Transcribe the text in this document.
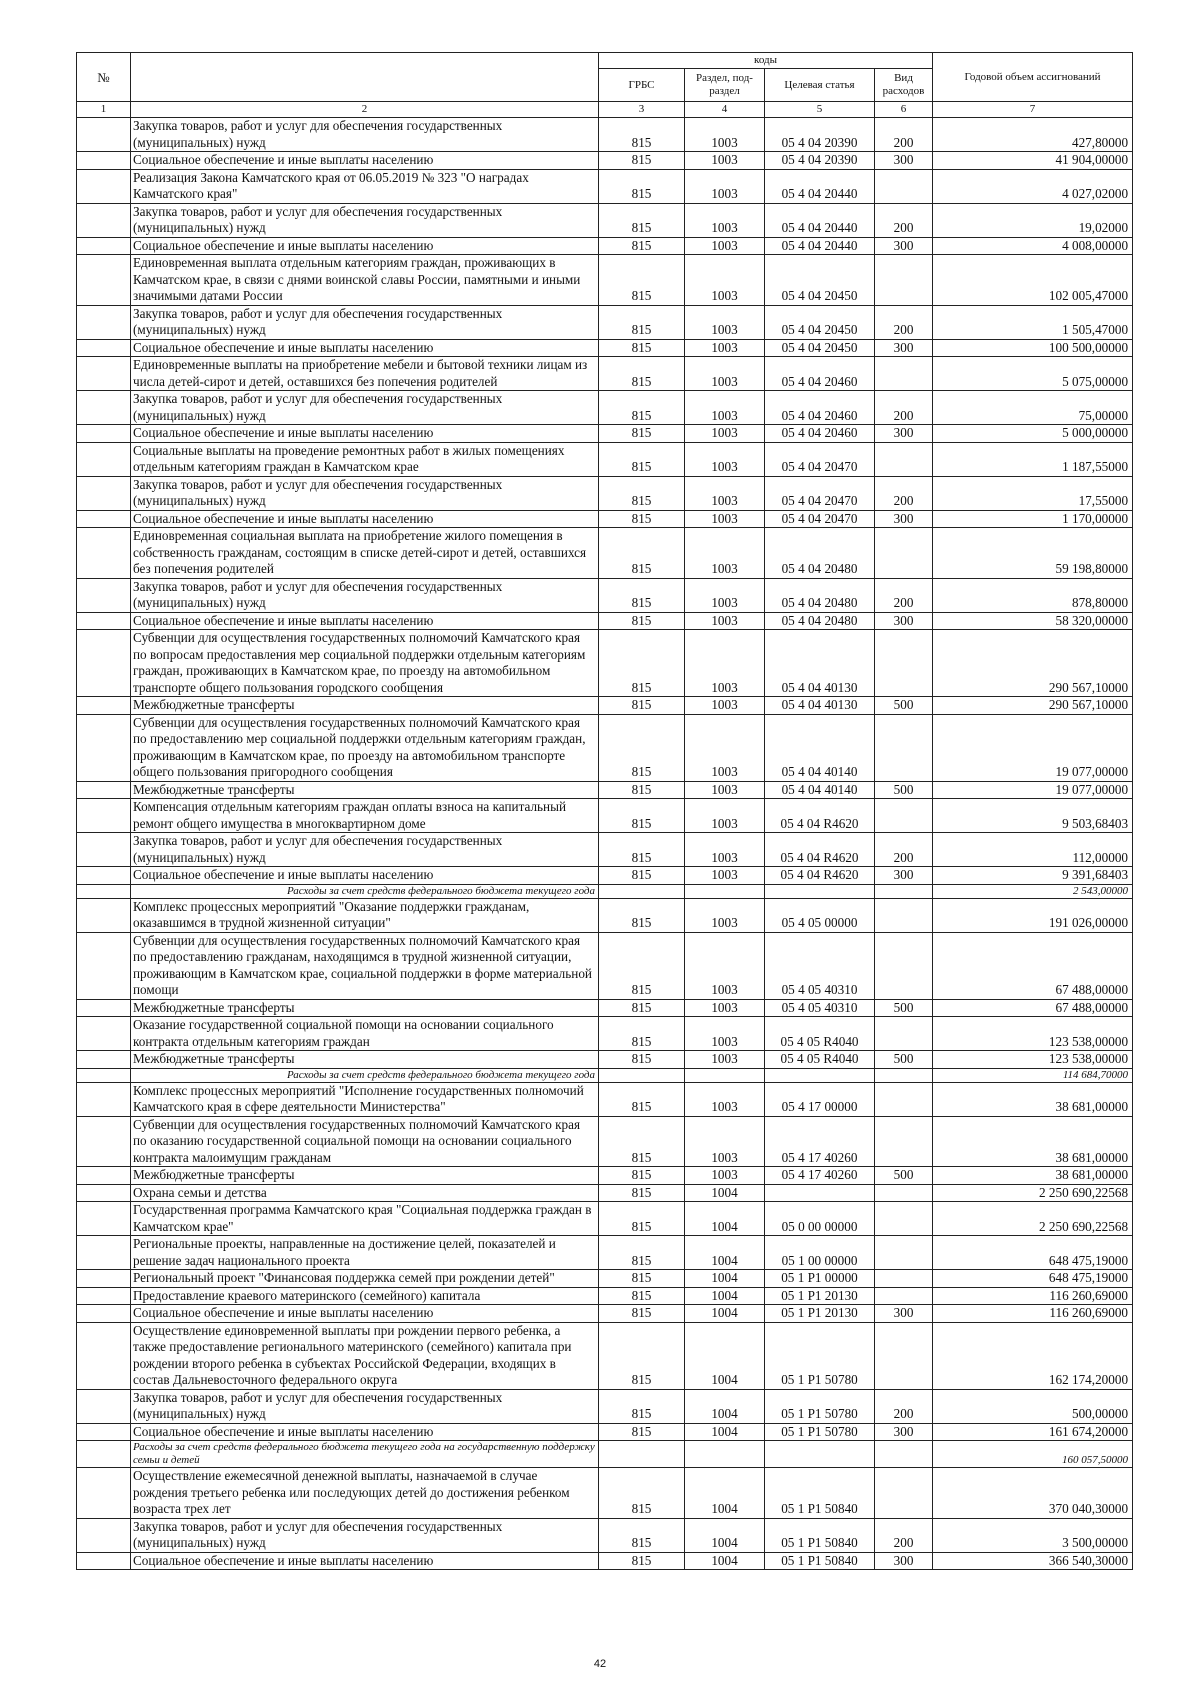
№		коды				Годовой объем ассигнований
		ГРБС	Раздел, под-раздел	Целевая статья	Вид расходов	
1	2	3	4	5	6	7
	Закупка товаров, работ и услуг для обеспечения государственных (муниципальных) нужд	815	1003	05 4 04 20390	200	427,80000
	Социальное обеспечение и иные выплаты населению	815	1003	05 4 04 20390	300	41 904,00000
	Реализация Закона Камчатского края от 06.05.2019 № 323 "О наградах Камчатского края"	815	1003	05 4 04 20440		4 027,02000
	Закупка товаров, работ и услуг для обеспечения государственных (муниципальных) нужд	815	1003	05 4 04 20440	200	19,02000
	Социальное обеспечение и иные выплаты населению	815	1003	05 4 04 20440	300	4 008,00000
	Единовременная выплата отдельным категориям граждан, проживающих в Камчатском крае, в связи с днями воинской славы России, памятными и иными значимыми датами России	815	1003	05 4 04 20450		102 005,47000
	Закупка товаров, работ и услуг для обеспечения государственных (муниципальных) нужд	815	1003	05 4 04 20450	200	1 505,47000
	Социальное обеспечение и иные выплаты населению	815	1003	05 4 04 20450	300	100 500,00000
	Единовременные выплаты на приобретение мебели и бытовой техники лицам из числа детей-сирот и детей, оставшихся без попечения родителей	815	1003	05 4 04 20460		5 075,00000
	Закупка товаров, работ и услуг для обеспечения государственных (муниципальных) нужд	815	1003	05 4 04 20460	200	75,00000
	Социальное обеспечение и иные выплаты населению	815	1003	05 4 04 20460	300	5 000,00000
	Социальные выплаты на проведение ремонтных работ в жилых помещениях отдельным категориям граждан в Камчатском крае	815	1003	05 4 04 20470		1 187,55000
	Закупка товаров, работ и услуг для обеспечения государственных (муниципальных) нужд	815	1003	05 4 04 20470	200	17,55000
	Социальное обеспечение и иные выплаты населению	815	1003	05 4 04 20470	300	1 170,00000
	Единовременная социальная выплата на приобретение жилого помещения в собственность гражданам, состоящим в списке детей-сирот и детей, оставшихся без попечения родителей	815	1003	05 4 04 20480		59 198,80000
	Закупка товаров, работ и услуг для обеспечения государственных (муниципальных) нужд	815	1003	05 4 04 20480	200	878,80000
	Социальное обеспечение и иные выплаты населению	815	1003	05 4 04 20480	300	58 320,00000
	Субвенции для осуществления государственных полномочий Камчатского края по вопросам предоставления мер социальной поддержки отдельным категориям граждан, проживающих в Камчатском крае, по проезду на автомобильном транспорте общего пользования городского сообщения	815	1003	05 4 04 40130		290 567,10000
	Межбюджетные трансферты	815	1003	05 4 04 40130	500	290 567,10000
	Субвенции для осуществления государственных полномочий Камчатского края по предоставлению мер социальной поддержки отдельным категориям граждан, проживающим в Камчатском крае, по проезду на автомобильном транспорте общего пользования пригородного сообщения	815	1003	05 4 04 40140		19 077,00000
	Межбюджетные трансферты	815	1003	05 4 04 40140	500	19 077,00000
	Компенсация отдельным категориям граждан оплаты взноса на капитальный ремонт общего имущества в многоквартирном доме	815	1003	05 4 04 R4620		9 503,68403
	Закупка товаров, работ и услуг для обеспечения государственных (муниципальных) нужд	815	1003	05 4 04 R4620	200	112,00000
	Социальное обеспечение и иные выплаты населению	815	1003	05 4 04 R4620	300	9 391,68403
	Расходы за счет средств федерального бюджета текущего года					2 543,00000
	Комплекс процессных мероприятий "Оказание поддержки гражданам, оказавшимся в трудной жизненной ситуации"	815	1003	05 4 05 00000		191 026,00000
	Субвенции для осуществления государственных полномочий Камчатского края по предоставлению гражданам, находящимся в трудной жизненной ситуации, проживающим в Камчатском крае, социальной поддержки в форме материальной помощи	815	1003	05 4 05 40310		67 488,00000
	Межбюджетные трансферты	815	1003	05 4 05 40310	500	67 488,00000
	Оказание государственной социальной помощи на основании социального контракта отдельным категориям граждан	815	1003	05 4 05 R4040		123 538,00000
	Межбюджетные трансферты	815	1003	05 4 05 R4040	500	123 538,00000
	Расходы за счет средств федерального бюджета текущего года					114 684,70000
	Комплекс процессных мероприятий "Исполнение государственных полномочий Камчатского края в сфере деятельности Министерства"	815	1003	05 4 17 00000		38 681,00000
	Субвенции для осуществления государственных полномочий Камчатского края по оказанию государственной социальной помощи на основании социального контракта малоимущим гражданам	815	1003	05 4 17 40260		38 681,00000
	Межбюджетные трансферты	815	1003	05 4 17 40260	500	38 681,00000
	Охрана семьи и детства	815	1004			2 250 690,22568
	Государственная программа Камчатского края "Социальная поддержка граждан в Камчатском крае"	815	1004	05 0 00 00000		2 250 690,22568
	Региональные проекты, направленные на достижение целей, показателей и решение задач национального проекта	815	1004	05 1 00 00000		648 475,19000
	Региональный проект "Финансовая поддержка семей при рождении детей"	815	1004	05 1 P1 00000		648 475,19000
	Предоставление краевого материнского (семейного) капитала	815	1004	05 1 P1 20130		116 260,69000
	Социальное обеспечение и иные выплаты населению	815	1004	05 1 P1 20130	300	116 260,69000
	Осуществление единовременной выплаты при рождении первого ребенка, а также предоставление регионального материнского (семейного) капитала при рождении второго ребенка в субъектах Российской Федерации, входящих в состав Дальневосточного федерального округа	815	1004	05 1 P1 50780		162 174,20000
	Закупка товаров, работ и услуг для обеспечения государственных (муниципальных) нужд	815	1004	05 1 P1 50780	200	500,00000
	Социальное обеспечение и иные выплаты населению	815	1004	05 1 P1 50780	300	161 674,20000
	Расходы за счет средств федерального бюджета текущего года на государственную поддержку семьи и детей					160 057,50000
	Осуществление ежемесячной денежной выплаты, назначаемой в случае рождения третьего ребенка или последующих детей до достижения ребенком возраста трех лет	815	1004	05 1 P1 50840		370 040,30000
	Закупка товаров, работ и услуг для обеспечения государственных (муниципальных) нужд	815	1004	05 1 P1 50840	200	3 500,00000
	Социальное обеспечение и иные выплаты населению	815	1004	05 1 P1 50840	300	366 540,30000
42
